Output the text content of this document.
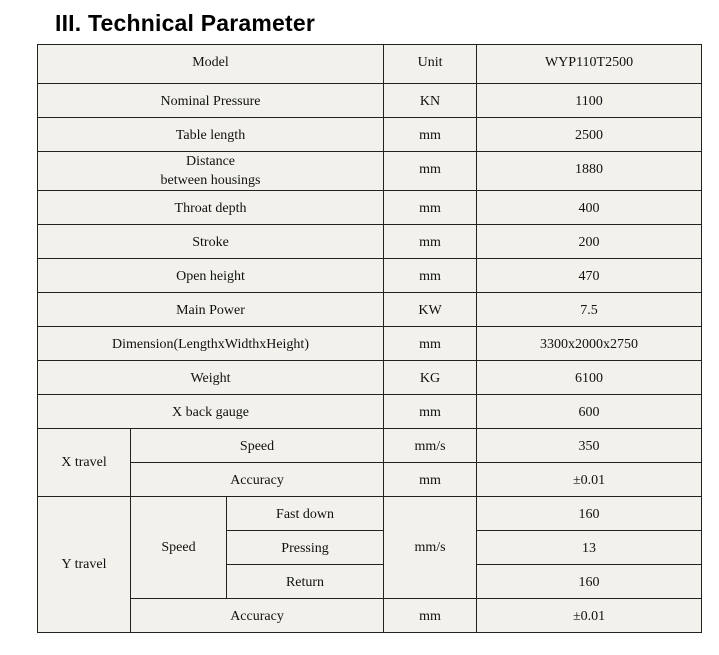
III. Technical Parameter
Model			Unit	WYP110T2500
Nominal Pressure			KN	1100
Table length			mm	2500

Distance
between housings			mm	1880
Throat depth			mm	400
Stroke			mm	200
Open height			mm	470
Main Power			KW	7.5
Dimension(LengthxWidthxHeight)			mm	3300x2000x2750
Weight			KG	6100
X back gauge			mm	600
X travel	Speed		mm/s	350
	Accuracy		mm	±0.01
Y travel	Speed	Fast down	mm/s	160
		Pressing		13
		Return		160
	Accuracy		mm	±0.01
